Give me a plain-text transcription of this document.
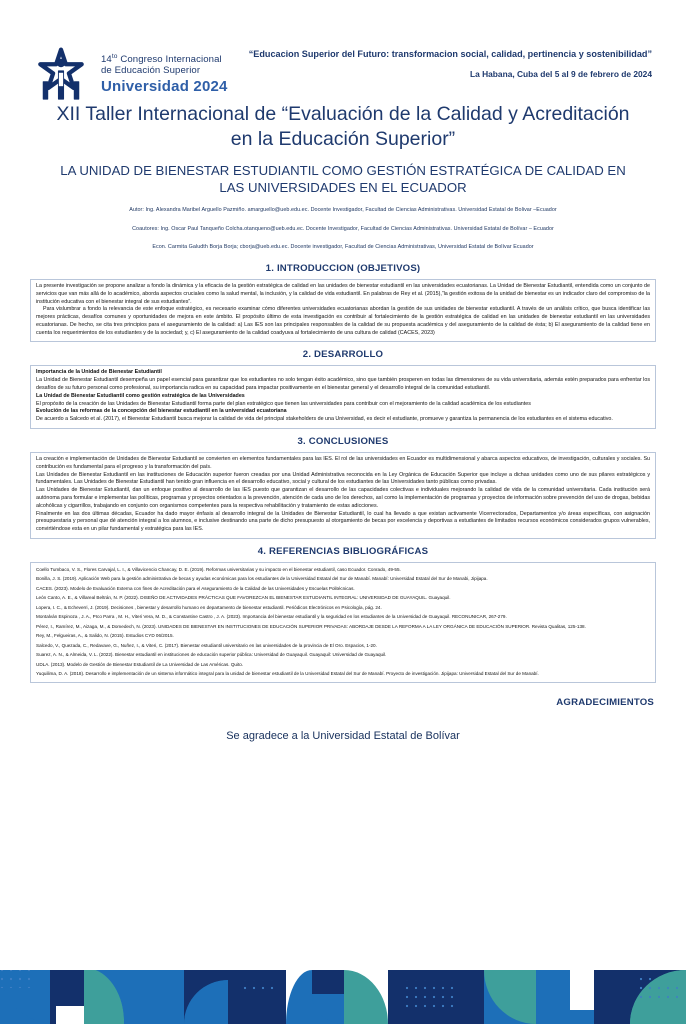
$14^{to}$ Congreso Internacional
de Educación Superior
Universidad 2024

“Educacion Superior del Futuro: transformacion social, calidad, pertinencia y sostenibilidad”

La Habana, Cuba del 5 al 9 de febrero de 2024
XII Taller Internacional de “Evaluación de la Calidad y Acreditación en la Educación Superior”
LA UNIDAD DE BIENESTAR ESTUDIANTIL COMO GESTIÓN ESTRATÉGICA DE CALIDAD EN LAS UNIVERSIDADES EN EL ECUADOR
Autor: Ing. Alexandra Maribel Arguello Pazmiño. amarguello@ueb.edu.ec. Docente Investigador, Facultad de Ciencias Administrativas. Universidad Estatal de Bolivar –Ecuador
Coautores: Ing. Oscar Paul Tanqueño Colcha.otanqueno@ueb.edu.ec. Docente Investigador, Facultad de Ciencias Administrativas. Universidad Estatal de Bolívar – Ecuador
Econ. Carmita Galudth Borja Borja; cborja@ueb.edu.ec. Docente investigador, Facultad de Ciencias Administrativas, Universidad Estatal de Bolívar Ecuador
1. INTRODUCCION (OBJETIVOS)

La presente investigación se propone analizar a fondo la dinámica y la eficacia de la gestión estratégica de calidad en las unidades de bienestar estudiantil en las universidades ecuatorianas. La Unidad de Bienestar Estudiantil, entendida como un conjunto de servicios que van más allá de lo académico, aborda aspectos cruciales como la salud mental, la inclusión, y la calidad de vida estudiantil. En palabras de Rey et al. (2015),“la gestión exitosa de la unidad de bienestar es un indicador claro del compromiso de la institución educativa con el bienestar integral de sus estudiantes”.

Para vislumbrar a fondo la relevancia de este enfoque estratégico, es necesario examinar cómo diferentes universidades ecuatorianas abordan la gestión de sus unidades de bienestar estudiantil. A través de un análisis crítico, que busca identificar las mejores prácticas, desafíos comunes y oportunidades de mejora en este ámbito. El propósito último de esta investigación es contribuir al fortalecimiento de la gestión estratégica de calidad en las unidades de bienestar estudiantil en las universidades ecuatorianas. De hecho, se cita tres principios para el aseguramiento de la calidad: a) Las IES son las principales responsables de la calidad de su propuesta académica y del aseguramiento de la calidad de ésta; b) El aseguramiento de la calidad tiene en cuenta los requerimientos de los estudiantes y de la sociedad; y, c) El aseguramiento de la calidad coadyuva al fortalecimiento de una cultura de calidad (CACES, 2023)

2. DESARROLLO

Importancia de la Unidad de Bienestar Estudiantil

La Unidad de Bienestar Estudiantil desempeña un papel esencial para garantizar que los estudiantes no solo tengan éxito académico, sino que también prosperen en todas las dimensiones de su vida universitaria, además estén preparados para enfrentar los desafíos de su futuro personal como profesional, su importancia radica en su capacidad para impactar positivamente en el bienestar general y el desarrollo integral de la comunidad estudiantil.

La Unidad de Bienestar Estudiantil como gestión estratégica de las Universidades

El propósito de la creación de las Unidades de Bienestar Estudiantil forma parte del plan estratégico que tienen las universidades para contribuir con el mejoramiento de la calidad académica de los estudiantes

Evolución de las reformas de la concepción del bienestar estudiantil en la universidad ecuatoriana

De acuerdo a Salcedo et al. (2017), el Bienestar Estudiantil busca mejorar la calidad de vida del principal stakeholders de una Universidad, es decir el estudiante, promueve y garantiza la permanencia de los estudiantes en el sistema educativo.

3. CONCLUSIONES

La creación e implementación de Unidades de Bienestar Estudiantil se convierten en elementos fundamentales para las IES. El rol de las universidades en Ecuador es multidimensional y abarca aspectos educativos, de investigación, culturales y sociales. Su contribución es fundamental para el progreso y la transformación del país.

Las Unidades de Bienestar Estudiantil en las instituciones de Educación superior fueron creadas por una Unidad Administrativa reconocida en la Ley Orgánica de Educación Superior que incluye a dichas unidades como uno de sus pilares estratégicos y fundamentales. Las Unidades de Bienestar Estudiantil han tenido gran influencia en el desarrollo educativo, social y cultural de los estudiantes de las Universidades tanto públicas como privadas.

Las Unidades de Bienestar Estudiantil, dan un enfoque positivo al desarrollo de las IES puesto que garantizan el desarrollo de las capacidades colectivas e individuales mejorando la calidad de vida de la comunidad universitaria. Cada institución será autónoma para formular e implementar las políticas, programas y proyectos orientados a la prevención, atención de cada uno de los derechos, así como la implementación de programas y proyectos de información sobre prevención del uso de drogas, bebidas alcohólicas y cigarrillos, trabajando en conjunto con organismos competentes para la respectiva rehabilitación y tratamiento de estas adicciones.

Finalmente en las dos últimas décadas, Ecuador ha dado mayor énfasis al desarrollo integral de la Unidades de Bienestar Estudiantil, lo cual ha llevado a que existan activamente Vicerrectorados, Departamentos y/o áreas específicas, con asignación presupuestaria y personal que dé atención integral a los alumnos, e inclusive destinando una parte de dicho presupuesto al otorgamiento de becas por excelencia y deportivas a estudiantes de limitados recursos económicos considerados grupos vulnerables, convirtiéndose esta en un pilar fundamental y estratégica para las IES.

4. REFERENCIAS BIBLIOGRÁFICAS

Coello Tumbaco, V. S., Flores Carvajal, L. I., & Villavicencio Chancay, D. E. (2019). Reformas universitarias y su impacto en el bienestar estudiantil, caso Ecuador. Conrado, 49-55.

Bonilla, J. S. (2019). Aplicación Web para la gestión administrativa de becas y ayudas económicas para los estudiantes de la Universidad Estatal del Sur de Manabí. Manabí: Universidad Estatal del Sur de Manabi, Jipijapa.

CACES. (2023). Modelo de Evaluación Externa con fines de Acreditación para el Aseguramiento de la Calidad de las Universidades y Escuelas Politécnicas.

León Canto, A. E., & Villareal Beltrán, N. P. (2022). DISEÑO DE ACTIVIDADES PRÁCTICAS QUE FAVOREZCAN EL BIENESTAR ESTUDIANTIL INTEGRAL: UNIVERSIDAD DE GUAYAQUIL. Guayaquil.

Lopera, I. C., & Echeverri, J. (2019). Decisiones , bienestar y desarrollo humano en departamento de bienestar estudiantil. Periódicos Electrónicos en Psicología, pág. 24.

Montalván Espinoza , J. A., PIco Parra , M. H., Viteri Vera, M. D., & Constantine Castro , J. A. (2023). Importancia del bienestar estudiantil y la seguridad en los estudiantes de la Universidad de Guayaquil. RECONUNICAR, 267-279.

Pérez, I., Ramírez, M., Aizaga, M., & Domedech, N. (2023). UNIDADES DE BIENESTAR EN INSTITUCIONES DE EDUCACIÓN SUPERIOR PRIVADAS: ABORDAJE DESDE LA REFORMA A LA LEY ORGÁNICA DE EDUCACIÓN SUPERIOR. Revista Qualitas, 125-138.

Rey, M., Felgueiras, A., & Salido, N. (2015). Estudios CYD 06/2015.

Salcedo, V., Quezada, C., Redavave, G., Nuñez, I., & Viteri, C. (2017). Bienestar estudiantil universitario en las universidades de la provincia de El Oro. Espacios, 1-20.

Suarez, A. N., & Almeida, V. L. (2022). Bienestar estudiantil en instituciones de educación superior pública: Universidad de Guayaquil. Guayaquil: Universidad de Guayaquil.

UDLA. (2013). Modelo de Gestión de Bienestar Estudiantil de La Universidad de Las Américas. Quito.

Yuquilima, D. A. (2018). Desarrollo e implementación de un sistema informático integral para la unidad de bienestar estudiantil de la Universidad Estatal del Sur de Manabí. Proyecto de investigación. Jipijapa: Universidad Estatal del Sur de Manabí.

AGRADECIMIENTOS
Se agradece a la Universidad Estatal de Bolívar
